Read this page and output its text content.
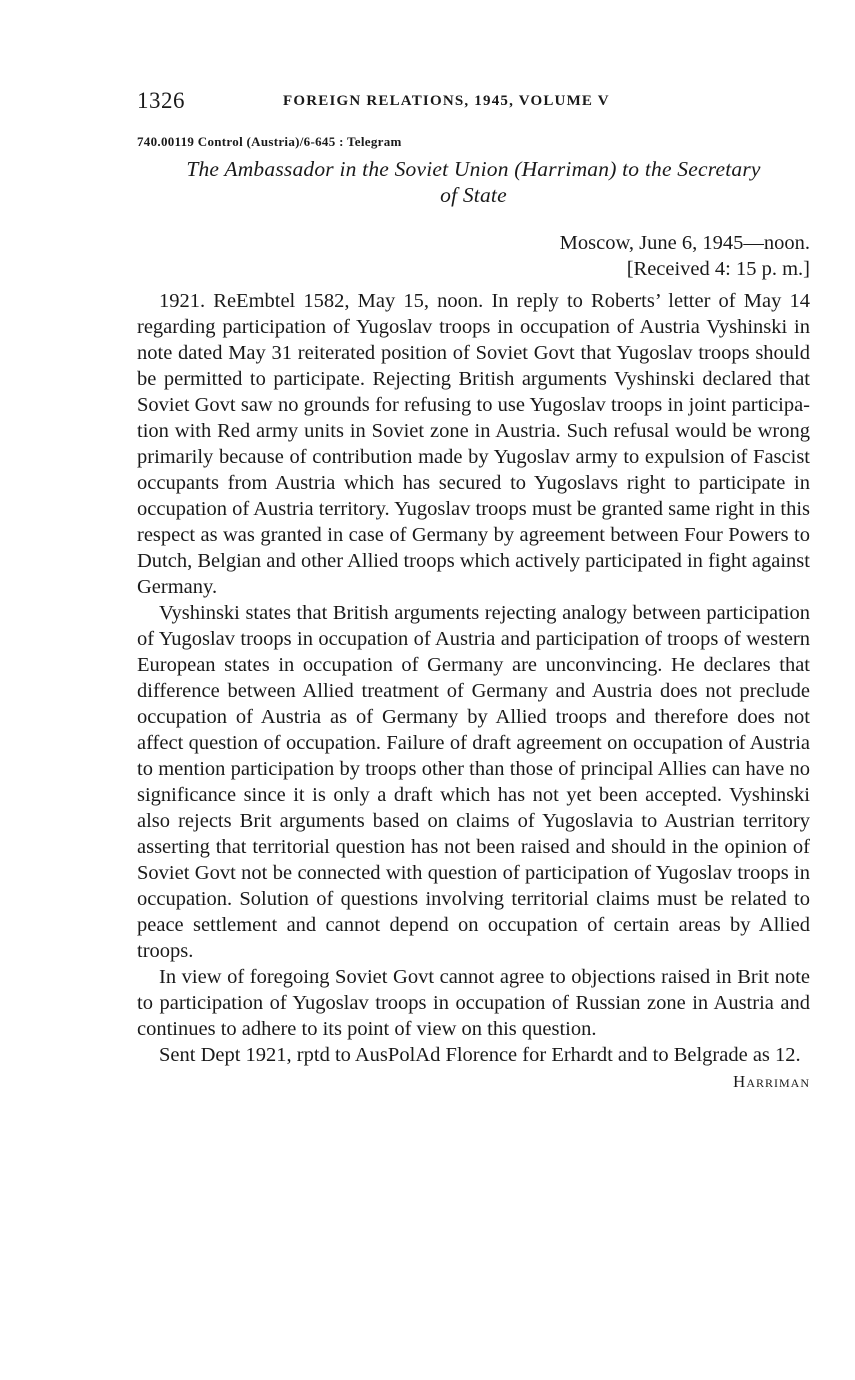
1326	FOREIGN RELATIONS, 1945, VOLUME V
740.00119 Control (Austria)/6-645 : Telegram
The Ambassador in the Soviet Union (Harriman) to the Secretary
of State
Moscow, June 6, 1945—noon.
[Received 4: 15 p. m.]

1921. ReEmbtel 1582, May 15, noon. In reply to Roberts’ letter of May 14 regarding participation of Yugoslav troops in occupation of Austria Vyshinski in note dated May 31 reiterated position of Soviet Govt that Yugoslav troops should be permitted to participate. Rejecting British arguments Vyshinski declared that Soviet Govt saw no grounds for refusing to use Yugoslav troops in joint participation with Red army units in Soviet zone in Austria. Such refusal would be wrong primarily because of contribution made by Yugoslav army to expulsion of Fascist occupants from Austria which has secured to Yugoslavs right to participate in occupation of Austria territory. Yugoslav troops must be granted same right in this respect as was granted in case of Germany by agreement between Four Powers to Dutch, Belgian and other Allied troops which actively participated in fight against Germany.

Vyshinski states that British arguments rejecting analogy between participation of Yugoslav troops in occupation of Austria and participation of troops of western European states in occupation of Germany are unconvincing. He declares that difference between Allied treatment of Germany and Austria does not preclude occupation of Austria as of Germany by Allied troops and therefore does not affect question of occupation. Failure of draft agreement on occupation of Austria to mention participation by troops other than those of principal Allies can have no significance since it is only a draft which has not yet been accepted. Vyshinski also rejects Brit arguments based on claims of Yugoslavia to Austrian territory asserting that territorial question has not been raised and should in the opinion of Soviet Govt not be connected with question of participation of Yugoslav troops in occupation. Solution of questions involving territorial claims must be related to peace settlement and cannot depend on occupation of certain areas by Allied troops.

In view of foregoing Soviet Govt cannot agree to objections raised in Brit note to participation of Yugoslav troops in occupation of Russian zone in Austria and continues to adhere to its point of view on this question.

Sent Dept 1921, rptd to AusPolAd Florence for Erhardt and to Belgrade as 12.

Harriman
